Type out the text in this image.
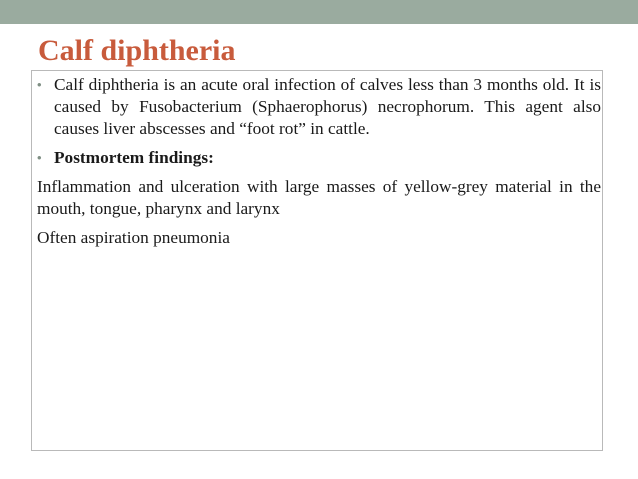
Calf diphtheria
• Calf diphtheria is an acute oral infection of calves less than 3 months old. It is caused by Fusobacterium (Sphaerophorus) necrophorum. This agent also causes liver abscesses and “foot rot” in cattle.
• Postmortem findings:
Inflammation and ulceration with large masses of yellow-grey material in the mouth, tongue, pharynx and larynx
Often aspiration pneumonia
